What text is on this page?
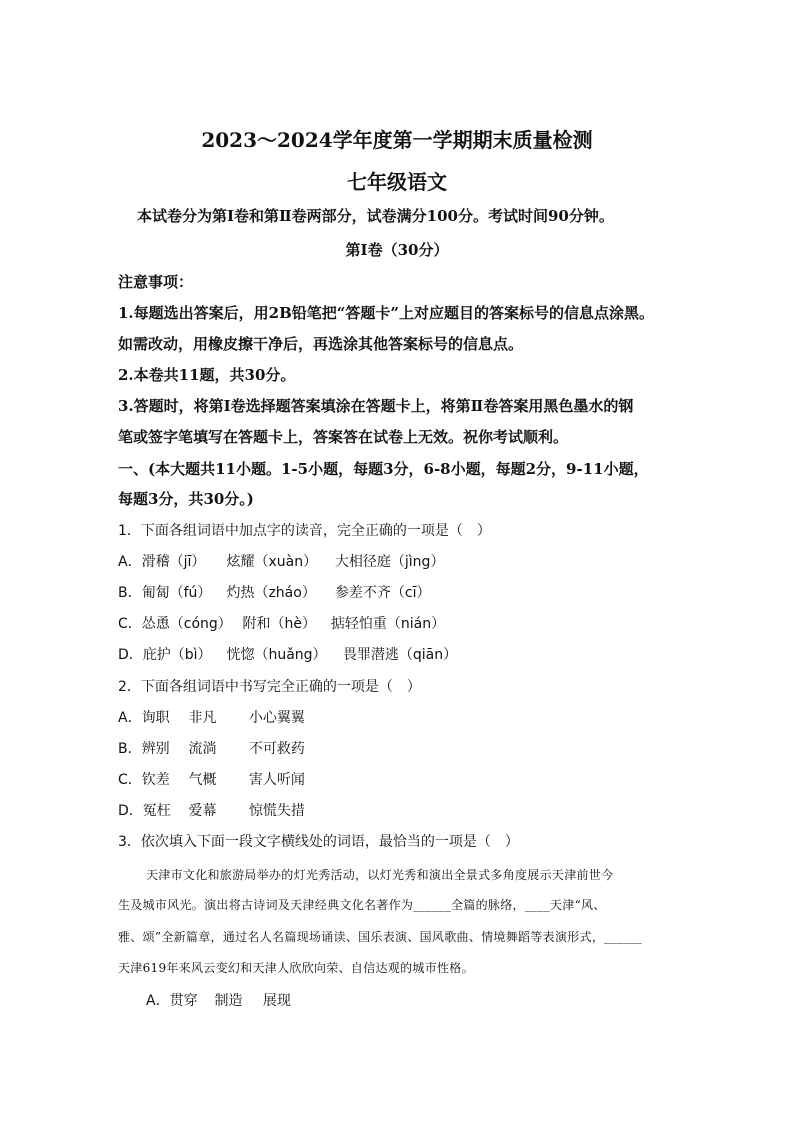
2023～2024学年度第一学期期末质量检测
七年级语文
本试卷分为第Ⅰ卷和第Ⅱ卷两部分，试卷满分100分。考试时间90分钟。
第Ⅰ卷（30分）
注意事项：
1.每题选出答案后，用2B铅笔把“答题卡”上对应题目的答案标号的信息点涂黑。
如需改动，用橡皮擦干净后，再选涂其他答案标号的信息点。
2.本卷共11题，共30分。
3.答题时，将第Ⅰ卷选择题答案填涂在答题卡上，将第Ⅱ卷答案用黑色墨水的钢
笔或签字笔填写在答题卡上，答案答在试卷上无效。祝你考试顺利。
一、(本大题共11小题。1-5小题，每题3分，6-8小题，每题2分，9-11小题，
每题3分，共30分。)
1．下面各组词语中加点字的读音，完全正确的一项是（　）
A．滑稽（jī） 炫耀（xuàn） 大相径庭（jìng）
B．匍匐（fú） 灼热（zháo） 参差不齐（cī）
C．怂恿（cóng） 附和（hè） 掂轻怕重（nián）
D．庇护（bì） 恍惚（huǎng） 畏罪潜逃（qiān）
2．下面各组词语中书写完全正确的一项是（　）
A．询职 非凡 小心翼翼
B．辨别 流淌 不可救药
C．钦差 气概 害人听闻
D．冤枉 爱幕 惊慌失措
3．依次填入下面一段文字横线处的词语，最恰当的一项是（　）
天津市文化和旅游局举办的灯光秀活动，以灯光秀和演出全景式多角度展示天津前世今
生及城市风光。演出将古诗词及天津经典文化名著作为______全篇的脉络，____天津“风、
雅、颂”全新篇章，通过名人名篇现场诵读、国乐表演、国风歌曲、情境舞蹈等表演形式，______
天津619年来风云变幻和天津人欣欣向荣、自信达观的城市性格。
A．贯穿 制造 展现
